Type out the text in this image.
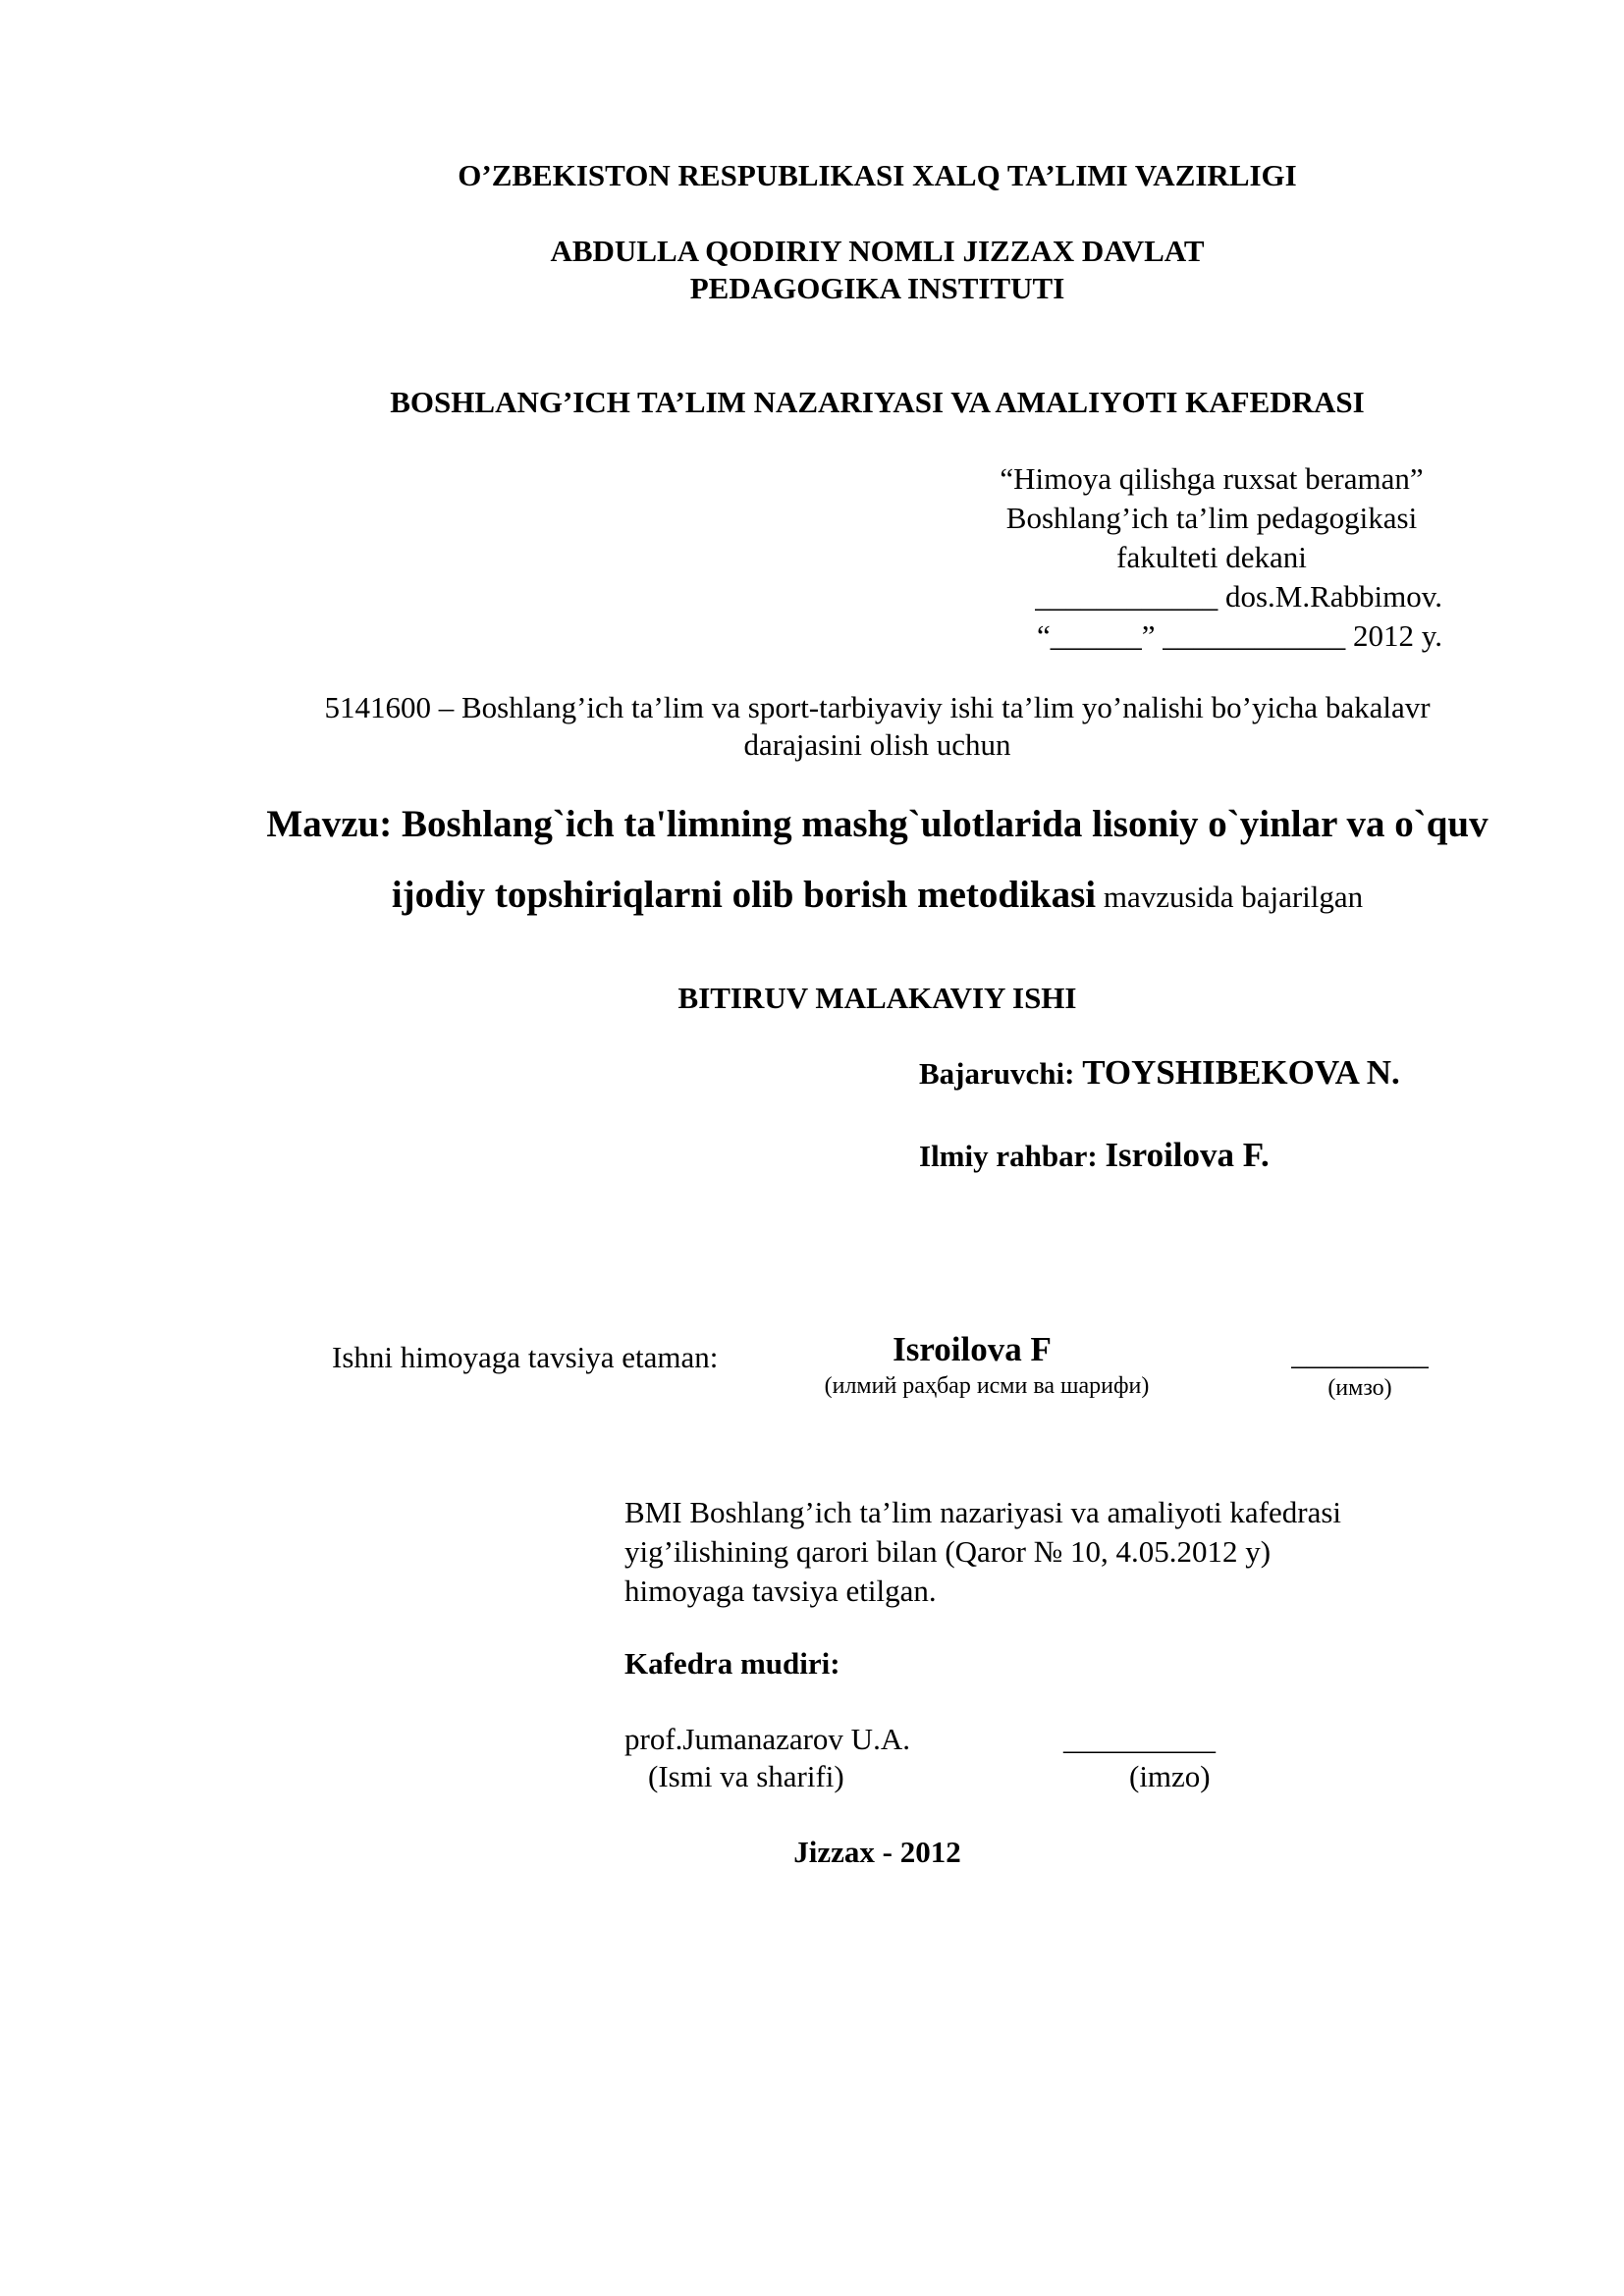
O’ZBEKISTON RESPUBLIKASI XALQ TA’LIMI VAZIRLIGI
ABDULLA QODIRIY NOMLI JIZZAX DAVLAT
PEDAGOGIKA INSTITUTI
BOSHLANG’ICH TA’LIM NAZARIYASI VA AMALIYOTI KAFEDRASI
“Himoya qilishga ruxsat beraman”
Boshlang’ich ta’lim pedagogikasi
fakulteti dekani
____________ dos.M.Rabbimov.
“______” ____________ 2012 y.
5141600 – Boshlang’ich ta’lim va sport-tarbiyaviy ishi ta’lim yo’nalishi bo’yicha bakalavr
darajasini olish uchun
Mavzu: Boshlang`ich ta'limning mashg`ulotlarida lisoniy o`yinlar va o`quv
ijodiy topshiriqlarni olib borish metodikasi mavzusida bajarilgan
BITIRUV MALAKAVIY ISHI
Bajaruvchi: TOYSHIBEKOVA N.
Ilmiy rahbar: Isroilova F.
Ishni himoyaga tavsiya etaman:	Isroilova F
(илмий раҳбар исми ва шарифи)
_________
(имзо)
BMI Boshlang’ich ta’lim nazariyasi va amaliyoti kafedrasi
yig’ilishining qarori bilan (Qaror № 10, 4.05.2012 y)
himoyaga tavsiya etilgan.
Kafedra mudiri:
prof.Jumanazarov U.A.	__________
(Ismi va sharifi)	(imzo)
Jizzax - 2012
